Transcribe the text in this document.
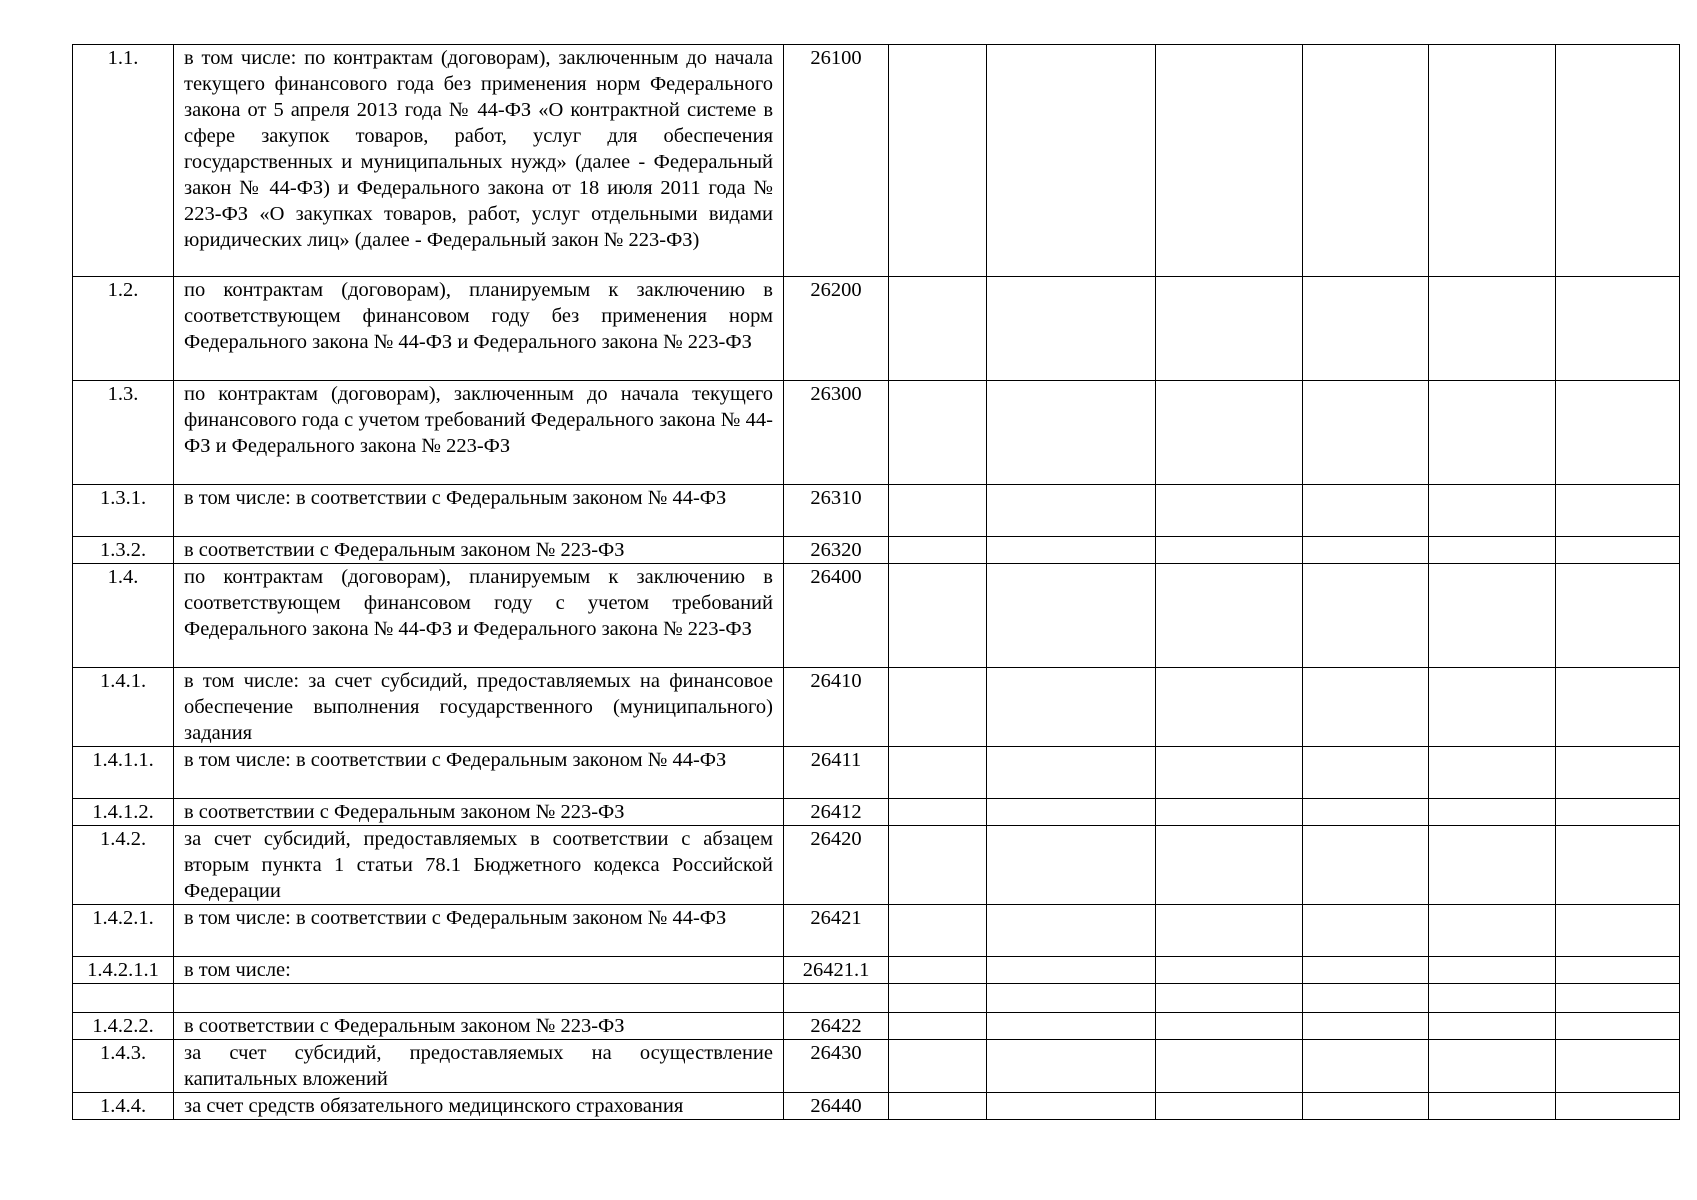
1.1.	в том числе: по контрактам (договорам), заключенным до начала текущего финансового года без применения норм Федерального закона от 5 апреля 2013 года № 44-ФЗ «О контрактной системе в сфере закупок товаров, работ, услуг для обеспечения государственных и муниципальных нужд» (далее - Федеральный закон № 44-ФЗ) и Федерального закона от 18 июля 2011 года № 223-ФЗ «О закупках товаров, работ, услуг отдельными видами юридических лиц» (далее - Федеральный закон № 223-ФЗ)	26100						
1.2.	по контрактам (договорам), планируемым к заключению в соответствующем финансовом году без применения норм Федерального закона № 44-ФЗ и Федерального закона № 223-ФЗ	26200						
1.3.	по контрактам (договорам), заключенным до начала текущего финансового года с учетом требований Федерального закона № 44-ФЗ и Федерального закона № 223-ФЗ	26300						
1.3.1.	в том числе: в соответствии с Федеральным законом № 44-ФЗ	26310						
1.3.2.	в соответствии с Федеральным законом № 223-ФЗ	26320						
1.4.	по контрактам (договорам), планируемым к заключению в соответствующем финансовом году с учетом требований Федерального закона № 44-ФЗ и Федерального закона № 223-ФЗ	26400						
1.4.1.	в том числе: за счет субсидий, предоставляемых на финансовое обеспечение выполнения государственного (муниципального) задания	26410						
1.4.1.1.	в том числе: в соответствии с Федеральным законом № 44-ФЗ	26411						
1.4.1.2.	в соответствии с Федеральным законом № 223-ФЗ	26412						
1.4.2.	за счет субсидий, предоставляемых в соответствии с абзацем вторым пункта 1 статьи 78.1 Бюджетного кодекса Российской Федерации	26420						
1.4.2.1.	в том числе: в соответствии с Федеральным законом № 44-ФЗ	26421						
1.4.2.1.1	в том числе:	26421.1						

1.4.2.2.	в соответствии с Федеральным законом № 223-ФЗ	26422						
1.4.3.	за счет субсидий, предоставляемых на осуществление капитальных вложений	26430						
1.4.4.	за счет средств обязательного медицинского страхования	26440						
